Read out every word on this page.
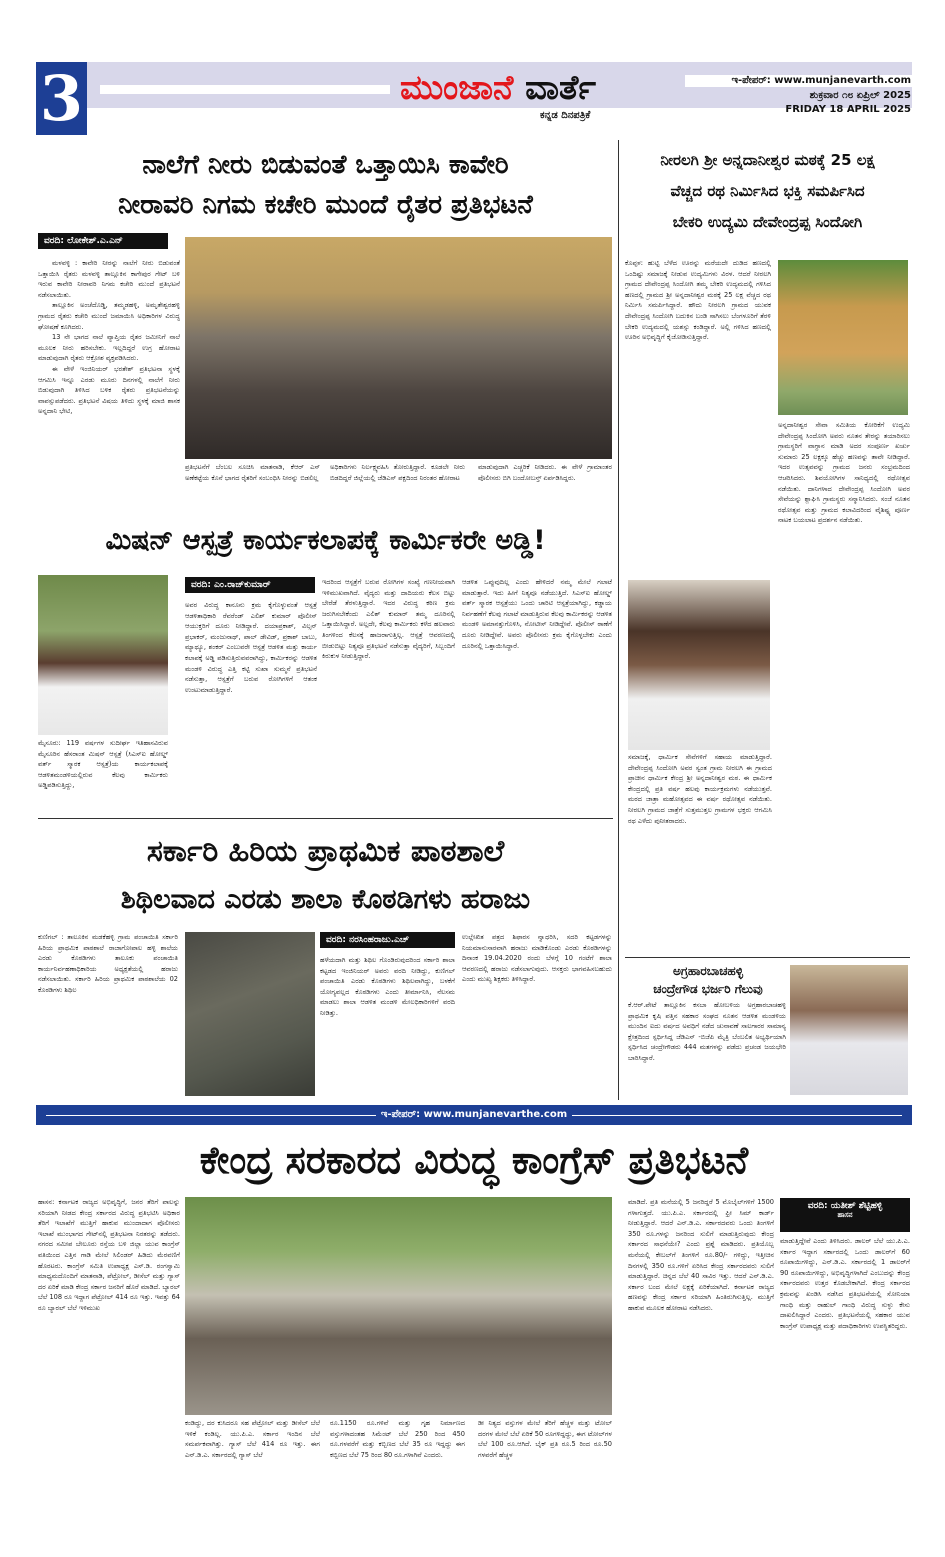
3	ಮುಂಜಾನೆ ವಾರ್ತೆ
ಕನ್ನಡ ದಿನಪತ್ರಿಕೆ
ಇ-ಪೇಪರ್: www.munjanevarth.com
ಶುಕ್ರವಾರ ೧೮ ಏಪ್ರಿಲ್ 2025
FRIDAY 18 APRIL 2025
ನಾಲೆಗೆ ನೀರು ಬಿಡುವಂತೆ ಒತ್ತಾಯಿಸಿ ಕಾವೇರಿ
ನೀರಾವರಿ ನಿಗಮ ಕಚೇರಿ ಮುಂದೆ ರೈತರ ಪ್ರತಿಭಟನೆ
ವರದಿ: ಲೋಕೇಶ್.ಎ.ಎನ್

ಮಳವಳ್ಳಿ : ಕಾವೇರಿ ನೀರನ್ನು ನಾಲೆಗೆ ನೀರು ಬಿಡುವಂತೆ ಒತ್ತಾಯಿಸಿ ರೈತರು ಮಳವಳ್ಳಿ ತಾಲ್ಲೂಕಿನ ಕಾಗೇಪುರ ಗೇಟ್ ಬಳಿ ಇರುವ ಕಾವೇರಿ ನೀರಾವರಿ ನಿಗಮ ಕಚೇರಿ ಮುಂದೆ ಪ್ರತಿಭಟನೆ ನಡೆಸಲಾಯಿತು.

ತಾಲ್ಲೂಕಿನ ಅಂಚೆದೊಡ್ಡಿ, ತಮ್ಮಡಹಳ್ಳಿ, ಅಮೃತೇಶ್ವರಹಳ್ಳಿ ಗ್ರಾಮದ ರೈತರು ಕಚೇರಿ ಮುಂದೆ ಜಮಾಯಿಸಿ ಅಧಿಕಾರಿಗಳ ವಿರುದ್ಧ ಘೋಷಣೆ ಕೂಗಿದರು.

13 ನೇ ಭಾಗದ ನಾಲೆ ವ್ಯಾಪ್ತಿಯ ರೈತರ ಜಮೀನಿಗೆ ನಾಲೆ ಮೂಲಕ ನೀರು ಹರಿಸಬೇಕು. ಇಲ್ಲದಿದ್ದರೆ ಉಗ್ರ ಹೋರಾಟ ಮಾಡುವುದಾಗಿ ರೈತರು ಆಕ್ರೋಶ ವ್ಯಕ್ತಪಡಿಸಿದರು.

ಈ ವೇಳೆ ಇಂಜಿನಿಯರ್ ಭರತೇಶ್ ಪ್ರತಿಭಟನಾ ಸ್ಥಳಕ್ಕೆ ಆಗಮಿಸಿ ಇನ್ನೂ ಎರಡು ಮೂರು ದಿನಗಳಲ್ಲಿ ನಾಲೆಗೆ ನೀರು ಬಿಡುವುದಾಗಿ ತಿಳಿಸಿದ ಬಳಿಕ ರೈತರು ಪ್ರತಿಭಟನೆಯನ್ನು ವಾಪಸ್ಸುಪಡೆದರು. ಪ್ರತಿಭಟನೆ ವಿಷಯ ತಿಳಿದು ಸ್ಥಳಕ್ಕೆ ಮಾಜಿ ಶಾಸಕ ಅನ್ನದಾನಿ ಭೇಟಿ,

ಪ್ರತಿಭಟನೆಗೆ ಬೆಂಬಲ ಸೂಚಿಸಿ ಮಾತನಾಡಿ, ಕೆಆರ್ ಎಸ್ ಅಣೆಕಟ್ಟೆಯ ಕೊನೆ ಭಾಗದ ರೈತರಿಗೆ ಸಂಬಂಧಿಸಿ ನೀರನ್ನು ಬಿಡಲಿಲ್ಲ
ಅಧಿಕಾರಿಗಳು ನಿರ್ಲಕ್ಷ್ಯವಹಿಸಿ ತೋರುತ್ತಿದ್ದಾರೆ. ಕೂಡಲೇ ನೀರು ಬಿಡದಿದ್ದರೆ ಜಿಲ್ಲೆಯಲ್ಲಿ ಜೆಡಿಎಸ್ ಪಕ್ಷದಿಂದ ನಿರಂತರ ಹೋರಾಟ
ಮಾಡುವುದಾಗಿ ಎಚ್ಚರಿಕೆ ನೀಡಿದರು. ಈ ವೇಳೆ ಗ್ರಾಮಾಂತರ ಪೊಲೀಸರು ಬಿಗಿ ಬಂದೋಬಸ್ತ್ ಏರ್ಪಡಿಸಿದ್ದರು.
ಮಿಷನ್ ಆಸ್ಪತ್ರೆ ಕಾರ್ಯಕಲಾಪಕ್ಕೆ ಕಾರ್ಮಿಕರೇ ಅಡ್ಡಿ!
ಮೈಸೂರು: 119 ವರ್ಷಗಳ ಸುದೀರ್ಘ ಇತಿಹಾಸವಿರುವ ಮೈಸೂರಿನ ಹೆಸರಾಂತ ಮಿಷನ್ ಆಸ್ಪತ್ರೆ (ಸಿಎಸ್‌ಐ ಹೋಲ್ಡ್ ವರ್ತ್ ಸ್ಮಾರಕ ಆಸ್ಪತ್ರೆ)ಯ ಕಾರ್ಯಕಲಾಪಕ್ಕೆ ಆಡಳಿತಮಂಡಳಿಯಲ್ಲಿರುವ ಕೆಲವು ಕಾರ್ಮಿಕರು ಅಡ್ಡಿಪಡಿಸುತ್ತಿದ್ದು,
ವರದಿ: ಎಂ.ರಾಜ್‌ಕುಮಾರ್
ಅವರ ವಿರುದ್ಧ ಕಾನೂನು ಕ್ರಮ ಕೈಗೊಳ್ಳುವಂತೆ ಆಸ್ಪತ್ರೆ ಆಡಳಿತಾಧಿಕಾರಿ ರೆವರೆಂಡ್ ಎಲಿಶ್ ಕುಮಾರ್ ಪೊಲೀಸ್ ಆಯುಕ್ತರಿಗೆ ದೂರು ನೀಡಿದ್ದಾರೆ. ದಯಾಪ್ರಕಾಶ್, ವಿಲ್ಸನ್ ಪ್ರಭಾಕರ್, ಮಂಜುನಾಥ್, ಪಾಲ್ ಡೇವಿಡ್, ಪ್ರಕಾಶ್ ಬಾಬು, ಮ್ಯಾಥ್ಯೂ, ಶಂಕರ್ ಎಂಬುವರೇ ಆಸ್ಪತ್ರೆ ಆಡಳಿತ ಮತ್ತು ಕಾರ್ಯ ಕಲಾಪಕ್ಕೆ ಅಡ್ಡಿ ಪಡಿಸುತ್ತಿರುವವರಾಗಿದ್ದು, ಕಾರ್ಮಿಕರನ್ನು ಆಡಳಿತ ಮಂಡಳಿ ವಿರುದ್ಧ ಎತ್ತಿ ಕಟ್ಟಿ ಸುಖಾ ಸುಮ್ಮನೆ ಪ್ರತಿಭಟನೆ ನಡೆಸುತ್ತಾ, ಆಸ್ಪತ್ರೆಗೆ ಬರುವ ರೋಗಿಗಳಿಗೆ ಆತಂಕ ಉಂಟುಮಾಡುತ್ತಿದ್ದಾರೆ.
ಇದರಿಂದ ಆಸ್ಪತ್ರೆಗೆ ಬರುವ ರೋಗಿಗಳ ಸಂಖ್ಯೆ ಗಣನೀಯವಾಗಿ ಇಳಿಮುಖವಾಗಿದೆ. ವೈದ್ಯರು ಮತ್ತು ದಾದಿಯರು ಕೆಲಸ ಬಿಟ್ಟು ಬೇರೆಡೆ ತೆರಳುತ್ತಿದ್ದಾರೆ. ಇದರ ವಿರುದ್ಧ ಕಠಿಣ ಕ್ರಮ ಜರುಗಿಸಬೇಕೆಂದು ಎಲಿಶ್ ಕುಮಾರ್ ತಮ್ಮ ದೂರಿನಲ್ಲಿ ಒತ್ತಾಯಿಸಿದ್ದಾರೆ. ಅಲ್ಲದೇ, ಕೆಲವು ಕಾರ್ಮಿಕರು ಕಳೆದ ಹಲವಾರು ತಿಂಗಳಿಂದ ಕೆಲಸಕ್ಕೆ ಹಾಜರಾಗುತ್ತಿಲ್ಲ. ಆಸ್ಪತ್ರೆ ಆವರಣದಲ್ಲಿ ಬೀಡುಬಿಟ್ಟು ನಿತ್ಯವೂ ಪ್ರತಿಭಟನೆ ನಡೆಸುತ್ತಾ ವೈದ್ಯರಿಗೆ, ಸಿಬ್ಬಂದಿಗೆ ಕಿರುಕುಳ ನೀಡುತ್ತಿದ್ದಾರೆ.
ಆಡಳಿತ ಒಪ್ಪುವುದಿಲ್ಲ ಎಂದು ಹೇಳಿದರೆ ನಮ್ಮ ಮೇಲೆ ಗಲಾಟೆ ಮಾಡುತ್ತಾರೆ. ಇದು ಹೀಗೆ ನಿತ್ಯವೂ ನಡೆಯುತ್ತಿದೆ. ಸಿಎಸ್‌ಐ ಹೋಲ್ಡ್ ವರ್ತ್ ಸ್ಮಾರಕ ಆಸ್ಪತ್ರೆಯು ಒಂದು ಚಾರಿಟಿ ಆಸ್ಪತ್ರೆಯಾಗಿದ್ದು, ಕಡ್ಡಾಯ ನಿರ್ವಹಣೆಗೆ ಕೆಲವು ಗಲಾಟೆ ಮಾಡುತ್ತಿರುವ ಕೆಲವು ಕಾರ್ಮಿಕರನ್ನು ಆಡಳಿತ ಮಂಡಳಿ ಅಮಾನತ್ತುಗೊಳಿಸಿ, ನೋಟೀಸ್ ನೀಡಿದ್ದೇವೆ. ಪೊಲೀಸ್ ಠಾಣೆಗೆ ದೂರು ನೀಡಿದ್ದೇವೆ. ಅವರು ಪೊಲೀಸರು ಕ್ರಮ ಕೈಗೊಳ್ಳಬೇಕು ಎಂದು ದೂರಿನಲ್ಲಿ ಒತ್ತಾಯಿಸಿದ್ದಾರೆ.
ಸರ್ಕಾರಿ ಹಿರಿಯ ಪ್ರಾಥಮಿಕ ಪಾಠಶಾಲೆ
ಶಿಥಿಲವಾದ ಎರಡು ಶಾಲಾ ಕೊಠಡಿಗಳು ಹರಾಜು
ಕುಣಿಗಲ್ : ತಾಲೂಕಿನ ಮಡಕೆಹಳ್ಳಿ ಗ್ರಾಮ ಪಂಚಾಯಿತಿ ಸರ್ಕಾರಿ ಹಿರಿಯ ಪ್ರಾಥಮಿಕ ಪಾಠಶಾಲೆ ರಾಜಾಗೋಪಾಲ ಹಳ್ಳಿ ಶಾಲೆಯ ಎರಡು ಕೊಠಡಿಗಳು ತಾಲೂಕು ಪಂಚಾಯಿತಿ ಕಾರ್ಯನಿರ್ವಹಣಾಧಿಕಾರಿಯ ಅಧ್ಯಕ್ಷತೆಯಲ್ಲಿ ಹರಾಜು ನಡೆಸಲಾಯಿತು. ಸರ್ಕಾರಿ ಹಿರಿಯ ಪ್ರಾಥಮಿಕ ಪಾಠಶಾಲೆಯ 02 ಕೊಠಡಿಗಳು ಶಿಥಿಲ
ವರದಿ: ನರಸಿಂಹರಾಜು.ಎಚ್
ಹಳೆಯದಾಗಿ ಮತ್ತು ಶಿಥಿಲ ಗೊಂಡಿರುವುದರಿಂದ ಸರ್ಕಾರಿ ಶಾಲಾ ಕಟ್ಟಡದ ಇಂಜಿನಿಯರ್ ಅವರು ವರದಿ ನೀಡಿದ್ದು, ಕುಣಿಗಲ್ ಪಂಚಾಯಿತಿ ಎರಡು ಕೊಠಡಿಗಳು ಶಿಥಿಲವಾಗಿದ್ದು, ಬಳಕೆಗೆ ಯೋಗ್ಯವಲ್ಲದ ಕೊಠಡಿಗಳು ಎಂದು ತೀರ್ಮಾನಿಸಿ, ನೆಲಸಮ ಮಾಡಲು ಶಾಲಾ ಆಡಳಿತ ಮಂಡಳಿ ಮೇಲಧಿಕಾರಿಗಳಿಗೆ ವರದಿ ನೀಡಿತ್ತು.
ಉಲ್ಲೇಖಿತ ಪತ್ರದ ಶಿಫಾರಸ ನ್ವಾಧರಿಸಿ, ಸದರಿ ಕಟ್ಟಡಗಳನ್ನು ನಿಯಮಾನುಸಾರವಾಗಿ ಹರಾಜು ಮಾಡಿಕೊಂಡು ಎರಡು ಕೊಠಡಿಗಳನ್ನು ದಿನಾಂಕ 19.04.2020 ರಂದು ಬೆಳಗ್ಗೆ 10 ಗಂಟೆಗೆ ಶಾಲಾ ಆವರಣದಲ್ಲಿ ಹರಾಜು ನಡೆಸಲಾಗುವುದು. ಆಸಕ್ತರು ಭಾಗವಹಿಸಬಹುದು ಎಂದು ಮುಖ್ಯ ಶಿಕ್ಷಕರು ತಿಳಿಸಿದ್ದಾರೆ.
ನೀರಲಗಿ ಶ್ರೀ ಅನ್ನದಾನೀಶ್ವರ ಮಠಕ್ಕೆ 25 ಲಕ್ಷ
ವೆಚ್ಚದ ರಥ ನಿರ್ಮಿಸಿದ ಭಕ್ತಿ ಸಮರ್ಪಿಸಿದ
ಬೇಕರಿ ಉದ್ಯಮಿ ದೇವೇಂದ್ರಪ್ಪ ಸಿಂದೋಗಿ
ಕೊಪ್ಪಳ: ಹುಟ್ಟಿ ಬೆಳೆದ ಊರನ್ನು ಮರೆಯದೇ ದುಡಿದ ಹಣದಲ್ಲಿ ಒಂದಿಷ್ಟು ಸಮಾಜಕ್ಕೆ ನೀಡುವ ಉದ್ಯಮಿಗಳು ವಿರಳ. ಆದರೆ ನೀರಲಗಿ ಗ್ರಾಮದ ದೇವೇಂದ್ರಪ್ಪ ಸಿಂದೋಗಿ ತಮ್ಮ ಬೇಕರಿ ಉದ್ಯಮದಲ್ಲಿ ಗಳಿಸಿದ ಹಣದಲ್ಲಿ ಗ್ರಾಮದ ಶ್ರೀ ಅನ್ನದಾನೀಶ್ವರ ಮಠಕ್ಕೆ 25 ಲಕ್ಷ ವೆಚ್ಚದ ರಥ ನಿರ್ಮಿಸಿ ಸಮರ್ಪಿಸಿದ್ದಾರೆ. ಹೌದು ನೀರಲಗಿ ಗ್ರಾಮದ ಯುವಕ ದೇವೇಂದ್ರಪ್ಪ ಸಿಂದೋಗಿ ಬದುಕಿನ ಬಂಡಿ ಸಾಗಿಸಲು ಬೆಂಗಳೂರಿಗೆ ತೆರಳಿ ಬೇಕರಿ ಉದ್ಯಮದಲ್ಲಿ ಯಶಸ್ಸು ಕಂಡಿದ್ದಾರೆ. ಅಲ್ಲಿ ಗಳಿಸಿದ ಹಣದಲ್ಲಿ ಊರಿನ ಅಭಿವೃದ್ಧಿಗೆ ಕೈಜೋಡಿಸುತ್ತಿದ್ದಾರೆ.
ಅನ್ನದಾನೀಶ್ವರ ಸೇವಾ ಸಮಿತಿಯ ಕೋರಿಕೆಗೆ ಉದ್ಯಮಿ ದೇವೇಂದ್ರಪ್ಪ ಸಿಂದೋಗಿ ಅವರು ನೂತನ ತೇರನ್ನು ತಯಾರಿಸಲು ಗ್ರಾಮಸ್ಥರಿಗೆ ವಾಗ್ದಾನ ಮಾಡಿ ಅದರ ಸಂಪೂರ್ಣ ಖರ್ಚು ಸುಮಾರು 25 ಲಕ್ಷಕ್ಕೂ ಹೆಚ್ಚು ಹಣವನ್ನು ತಾವೇ ನೀಡಿದ್ದಾರೆ. ಇದರ ಉತ್ಸವವನ್ನು ಗ್ರಾಮದ ಜನರು ಸಂಭ್ರಮದಿಂದ ಆಚರಿಸಿದರು. ಶಿವಯೋಗಿಗಳ ಸಾನಿಧ್ಯದಲ್ಲಿ ರಥೋತ್ಸವ ನಡೆಯಿತು. ದಾನಿಗಳಾದ ದೇವೇಂದ್ರಪ್ಪ ಸಿಂದೋಗಿ ಅವರ ಸೇವೆಯನ್ನು ಶ್ಲಾಘಿಸಿ ಗ್ರಾಮಸ್ಥರು ಸನ್ಮಾನಿಸಿದರು. ಸಂಜೆ ನೂತನ ರಥೋತ್ಸವ ಮತ್ತು ಗ್ರಾಮದ ಕಲಾವಿದರಿಂದ ವೈಶಿಷ್ಟ್ಯ ಪೂರ್ಣ ನಾಟಕ ಬಯಲಾಟ ಪ್ರದರ್ಶನ ನಡೆಯಿತು.
ಸಮಾಜಕ್ಕೆ, ಧಾರ್ಮಿಕ ಸೇವೆಗಳಿಗೆ ಸಹಾಯ ಮಾಡುತ್ತಿದ್ದಾರೆ. ದೇವೇಂದ್ರಪ್ಪ ಸಿಂದೋಗಿ ಅವರ ಸ್ವಂತ ಗ್ರಾಮ ನೀರಲಗಿ ಈ ಗ್ರಾಮದ ಪ್ರಾಚೀನ ಧಾರ್ಮಿಕ ಕೇಂದ್ರ ಶ್ರೀ ಅನ್ನದಾನೀಶ್ವರ ಮಠ. ಈ ಧಾರ್ಮಿಕ ಕೇಂದ್ರದಲ್ಲಿ ಪ್ರತಿ ವರ್ಷ ಹಲವು ಕಾರ್ಯಕ್ರಮಗಳು ನಡೆಯುತ್ತವೆ. ಮಠದ ಜಾತ್ರಾ ಮಹೋತ್ಸವದ ಈ ವರ್ಷ ರಥೋತ್ಸವ ನಡೆಯಿತು. ನೀರಲಗಿ ಗ್ರಾಮದ ಜಾತ್ರೆಗೆ ಸುತ್ತಮುತ್ತಲ ಗ್ರಾಮಗಳ ಭಕ್ತರು ಆಗಮಿಸಿ ರಥ ಎಳೆದು ಪುನೀತರಾದರು.
ಅಗ್ರಹಾರಬಾಚಹಳ್ಳಿ
ಚಂದ್ರೇಗೌಡ ಭರ್ಜರಿ ಗೆಲುವು
ಕೆ.ಆರ್.ಪೇಟೆ ತಾಲ್ಲೂಕಿನ ಕಸಬಾ ಹೋಬಳಿಯ ಅಗ್ರಹಾರಬಾಚಹಳ್ಳಿ ಪ್ರಾಥಮಿಕ ಕೃಷಿ ಪತ್ತಿನ ಸಹಕಾರ ಸಂಘದ ನೂತನ ಆಡಳಿತ ಮಂಡಳಿಯ ಮುಂದಿನ ಐದು ವರ್ಷದ ಅವಧಿಗೆ ನಡೆದ ಚುನಾವಣೆ ಸಾಲಗಾರರ ಸಾಮಾನ್ಯ ಕ್ಷೇತ್ರದಿಂದ ಸ್ಪರ್ಧಿಸಿದ್ದ ಜೆಡಿಎಸ್ -ಬಿಜೆಪಿ ಮೈತ್ರಿ ಬೆಂಬಲಿತ ಅಭ್ಯರ್ಥಿಯಾಗಿ ಸ್ಪರ್ಧಿಸಿದ ಚಂದ್ರೇಗೌಡರು 444 ಮತಗಳನ್ನು ಪಡೆದು ಪ್ರಚಂಡ ಜಯಭೇರಿ ಬಾರಿಸಿದ್ದಾರೆ.
ಇ-ಪೇಪರ್: www.munjanevarthe.com
ಕೇಂದ್ರ ಸರಕಾರದ ವಿರುದ್ಧ ಕಾಂಗ್ರೆಸ್ ಪ್ರತಿಭಟನೆ
ಹಾಸನ: ಕರ್ನಾಟಕ ರಾಜ್ಯದ ಅಭಿವೃದ್ಧಿಗೆ, ಜನರ ತೆರಿಗೆ ಪಾಲನ್ನು ಸರಿಯಾಗಿ ನೀಡದ ಕೇಂದ್ರ ಸರ್ಕಾರದ ವಿರುದ್ಧ ಪ್ರತಿಭಟಿಸಿ ಅಧಿಕಾರ ತೆರಿಗೆ ಇಲಾಖೆಗೆ ಮುತ್ತಿಗೆ ಹಾಕುವ ಮುಂದಾದಾಗ ಪೊಲೀಸರು ಇಲಾಖೆ ಮುಂಭಾಗದ ಗೇಟ್‌ನಲ್ಲಿ ಪ್ರತಿಭಟನಾ ನಿರತರನ್ನು ತಡೆದರು. ನಗರದ ಸಮೀಪ ಬೇಲೂರು ರಸ್ತೆಯ ಬಳಿ ಜಿಲ್ಲಾ ಯುವ ಕಾಂಗ್ರೆಸ್ ವತಿಯಿಂದ ಎತ್ತಿನ ಗಾಡಿ ಮೇಲೆ ಸಿಲಿಂಡರ್ ಹಿಡಿದು ಮೆರವಣಿಗೆ ಹೊರಟರು. ಕಾಂಗ್ರೆಸ್ ಸಮಿತಿ ಉಪಾಧ್ಯಕ್ಷ ಎಸ್.ಡಿ. ರಂಗಸ್ವಾಮಿ ಮಾಧ್ಯಮದೊಂದಿಗೆ ಮಾತನಾಡಿ, ಪೆಟ್ರೋಲ್, ಡೀಸೆಲ್ ಮತ್ತು ಗ್ಯಾಸ್ ದರ ಏರಿಕೆ ಮಾಡಿ ಕೇಂದ್ರ ಸರ್ಕಾರ ಜನರಿಗೆ ಹೊರೆ ಮಾಡಿದೆ. ಬ್ಯಾರಲ್ ಬೆಲೆ 108 ರೂ ಇದ್ದಾಗ ಪೆಟ್ರೋಲ್ 414 ರೂ ಇತ್ತು. ಇವತ್ತು 64 ರೂ ಬ್ಯಾರಲ್ ಬೆಲೆ ಇಳಿಮುಖ
ಕಂಡಿದ್ದು, ದರ ಕುಸಿದರೂ ಸಹ ಪೆಟ್ರೋಲ್ ಮತ್ತು ಡೀಸೆಲ್ ಬೆಲೆ ಇಳಿಕೆ ಕಂಡಿಲ್ಲ. ಯು.ಪಿ.ಎ. ಸರ್ಕಾರ ಇಂದಿನ ಬೆಲೆ ಸಮರ್ಪಕವಾಗಿತ್ತು. ಗ್ಯಾಸ್ ಬೆಲೆ 414 ರೂ ಇತ್ತು. ಈಗ ಎನ್.ಡಿ.ಎ. ಸರ್ಕಾರದಲ್ಲಿ ಗ್ಯಾಸ್ ಬೆಲೆ
ರೂ.1150 ರೂ.ಗಳಿವೆ ಮತ್ತು ಗೃಹ ನಿರ್ಮಾಣದ ವಸ್ತುಗಳಾದಂತಹ ಸಿಮೆಂಟ್ ಬೆಲೆ 250 ರಿಂದ 450 ರೂ.ಗಳವರೆಗೆ ಮತ್ತು ಕಬ್ಬಿಣದ ಬೆಲೆ 35 ರೂ ಇದ್ದದ್ದು ಈಗ ಕಬ್ಬಿಣದ ಬೆಲೆ 75 ರಿಂದ 80 ರೂ.ಗಳಾಗಿವೆ ಎಂದರು.
ಡೀ ನಿತ್ಯದ ವಸ್ತುಗಳ ಮೇಲೆ ತೆರಿಗೆ ಹೆಚ್ಚಳ ಮತ್ತು ಟೋಲ್ ದರಗಳ ಮೇಲೆ ಬೆಲೆ ಏರಿಕೆ 50 ರೂಗಳಿದ್ದದ್ದು, ಈಗ ಟೋಲ್‌ಗಳ ಬೆಲೆ 100 ರೂ.ಆಗಿದೆ. ಬೈಕ್ ಪ್ರತಿ ರೂ.5 ರಿಂದ ರೂ.50 ಗಳವರೆಗೆ ಹೆಚ್ಚಳ
ಮಾಡಿದೆ. ಪ್ರತಿ ಮನೆಯಲ್ಲಿ 5 ಜನರಿದ್ದರೆ 5 ಮೊಬೈಲ್‌ಗಳಿಗೆ 1500 ಗಳಾಗುತ್ತದೆ. ಯು.ಪಿ.ಎ. ಸರ್ಕಾರದಲ್ಲಿ ಫ್ರೀ ಸಿಮ್ ಕಾರ್ಡ್ ನೀಡುತ್ತಿದ್ದಾರೆ. ಆದರೆ ಎನ್.ಡಿ.ಎ. ಸರ್ಕಾರದವರು ಒಂದು ತಿಂಗಳಿಗೆ 350 ರೂ.ಗಳನ್ನು ಜನರಿಂದ ಸುಲಿಗೆ ಮಾಡುತ್ತಿರುವುದು ಕೇಂದ್ರ ಸರ್ಕಾರದ ಸಾಧನೆಯೇ? ಎಂದು ಪ್ರಶ್ನೆ ಮಾಡಿದರು. ಪ್ರತಿಯೊಬ್ಬ ಮನೆಯಲ್ಲಿ ಕೇಬಲ್‌ಗೆ ತಿಂಗಳಿಗೆ ರೂ.80/- ಗಳಿದ್ದು, ಇತ್ತೀಚಿನ ದಿನಗಳಲ್ಲಿ 350 ರೂ.ಗಳಿಗೆ ಏರಿಸಿದ ಕೇಂದ್ರ ಸರ್ಕಾರದವರು ಸುಲಿಗೆ ಮಾಡುತ್ತಿದ್ದಾರೆ. ಚಿನ್ನದ ಬೆಲೆ 40 ಸಾವಿರ ಇತ್ತು. ಆದರೆ ಎನ್.ಡಿ.ಎ. ಸರ್ಕಾರ ಬಂದ ಮೇಲೆ ಲಕ್ಷಕ್ಕೆ ಏರಿಕೆಯಾಗಿದೆ. ಕರ್ನಾಟಕ ರಾಜ್ಯದ ಹಣವನ್ನು ಕೇಂದ್ರ ಸರ್ಕಾರ ಸರಿಯಾಗಿ ಹಿಂತಿರುಗಿಸುತ್ತಿಲ್ಲ. ಮುತ್ತಿಗೆ ಹಾಕುವ ಮೂಲಕ ಹೋರಾಟ ನಡೆಸಿದರು.
ವರದಿ: ಯತೀಶ್ ಶೆಟ್ಟಿಹಳ್ಳಿ
ಹಾಸನ
ಮಾಡುತ್ತಿದ್ದೇವೆ ಎಂದು ತಿಳಿಸಿದರು. ಡಾಲರ್ ಬೆಲೆ ಯು.ಪಿ.ಎ. ಸರ್ಕಾರ ಇದ್ದಾಗ ಸರ್ಕಾರದಲ್ಲಿ ಒಂದು ಡಾಲರ್‌ಗೆ 60 ರೂಪಾಯಿಗಳಿದ್ದು, ಎನ್.ಡಿ.ಎ. ಸರ್ಕಾರದಲ್ಲಿ 1 ಡಾಲರ್‌ಗೆ 90 ರೂಪಾಯಿಗಳಿದ್ದು, ಅಭಿವೃದ್ಧಿಗಳಾಗಿದೆ ಎಂಬುದನ್ನು ಕೇಂದ್ರ ಸರ್ಕಾರದವರು ಉತ್ತರ ಕೊಡಬೇಕಾಗಿದೆ. ಕೇಂದ್ರ ಸರ್ಕಾರದ ಕ್ರಮವನ್ನು ಖಂಡಿಸಿ ನಡೆಸಿದ ಪ್ರತಿಭಟನೆಯಲ್ಲಿ ಸೋನಿಯಾ ಗಾಂಧಿ ಮತ್ತು ರಾಹುಲ್ ಗಾಂಧಿ ವಿರುದ್ಧ ಸುಳ್ಳು ಕೇಸು ದಾಖಲಿಸಿದ್ದಾರೆ ಎಂದರು. ಪ್ರತಿಭಟನೆಯಲ್ಲಿ ಸಹಕಾರ ಯುವ ಕಾಂಗ್ರೆಸ್ ಉಪಾಧ್ಯಕ್ಷ ಮತ್ತು ಪದಾಧಿಕಾರಿಗಳು ಉಪಸ್ಥಿತರಿದ್ದರು.
